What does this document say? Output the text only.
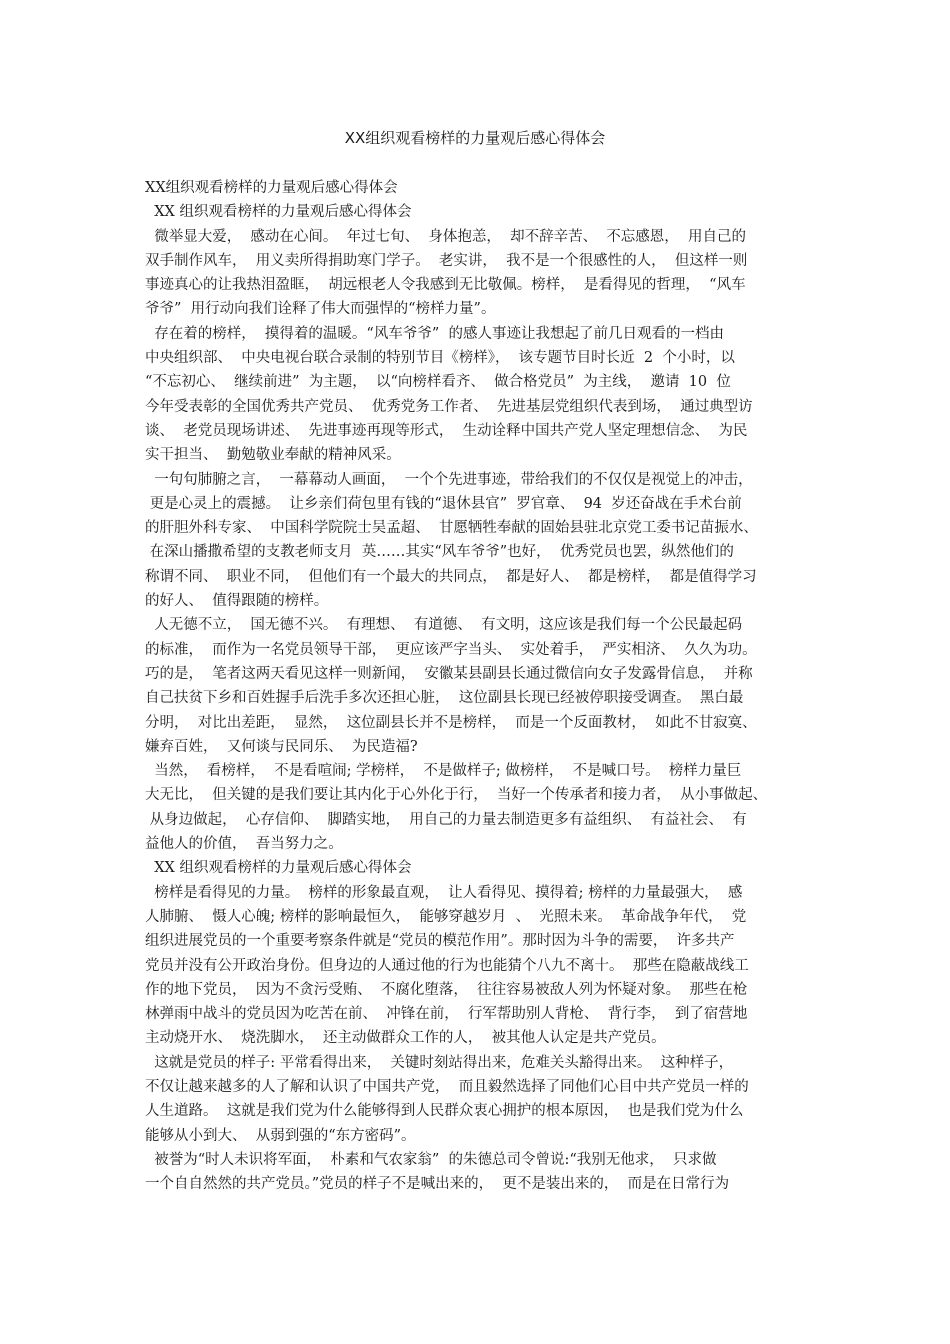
XX组织观看榜样的力量观后感心得体会
XX组织观看榜样的力量观后感心得体会
XX 组织观看榜样的力量观后感心得体会
微举显大爱，  感动在心间。  年过七旬、  身体抱恙，  却不辞辛苦、  不忘感恩，  用自己的
双手制作风车，  用义卖所得捐助寒门学子。  老实讲，  我不是一个很感性的人，  但这样一则
事迹真心的让我热泪盈眶，  胡远根老人令我感到无比敬佩。榜样，  是看得见的哲理，  “风车
爷爷”  用行动向我们诠释了伟大而强悍的“榜样力量”。
存在着的榜样，  摸得着的温暖。“风车爷爷”  的感人事迹让我想起了前几日观看的一档由
中央组织部、  中央电视台联合录制的特别节目《榜样》，  该专题节目时长近  2  个小时，以
“不忘初心、  继续前进”  为主题，  以“向榜样看齐、  做合格党员”  为主线，  邀请  10  位
今年受表彰的全国优秀共产党员、  优秀党务工作者、  先进基层党组织代表到场，  通过典型访
谈、  老党员现场讲述、  先进事迹再现等形式，  生动诠释中国共产党人坚定理想信念、  为民
实干担当、  勤勉敬业奉献的精神风采。
一句句肺腑之言，  一幕幕动人画面，  一个个先进事迹，带给我们的不仅仅是视觉上的冲击，
更是心灵上的震撼。  让乡亲们荷包里有钱的“退休县官”  罗官章、  94  岁还奋战在手术台前
的肝胆外科专家、  中国科学院院士吴孟超、  甘愿牺牲奉献的固始县驻北京党工委书记苗振水、
在深山播撒希望的支教老师支月  英……其实“风车爷爷”也好，  优秀党员也罢，纵然他们的
称谓不同、  职业不同，  但他们有一个最大的共同点，  都是好人、  都是榜样，  都是值得学习
的好人、  值得跟随的榜样。
人无德不立，  国无德不兴。  有理想、  有道德、  有文明，这应该是我们每一个公民最起码
的标准，  而作为一名党员领导干部，  更应该严字当头、  实处着手，  严实相济、  久久为功。
巧的是，  笔者这两天看见这样一则新闻，  安徽某县副县长通过微信向女子发露骨信息，  并称
自己扶贫下乡和百姓握手后洗手多次还担心脏，  这位副县长现已经被停职接受调查。  黑白最
分明，  对比出差距，  显然，  这位副县长并不是榜样，  而是一个反面教材，  如此不甘寂寞、
嫌弃百姓，  又何谈与民同乐、  为民造福?
当然，  看榜样，  不是看喧闹; 学榜样，  不是做样子; 做榜样，  不是喊口号。  榜样力量巨
大无比，  但关键的是我们要让其内化于心外化于行，  当好一个传承者和接力者，  从小事做起、
从身边做起，  心存信仰、  脚踏实地，  用自己的力量去制造更多有益组织、  有益社会、  有
益他人的价值，  吾当努力之。
XX 组织观看榜样的力量观后感心得体会
榜样是看得见的力量。  榜样的形象最直观，  让人看得见、摸得着; 榜样的力量最强大，  感
人肺腑、  慑人心魄; 榜样的影响最恒久，  能够穿越岁月  、  光照未来。  革命战争年代，  党
组织进展党员的一个重要考察条件就是“党员的模范作用”。那时因为斗争的需要，  许多共产
党员并没有公开政治身份。但身边的人通过他的行为也能猜个八九不离十。  那些在隐蔽战线工
作的地下党员，  因为不贪污受贿、  不腐化堕落，  往往容易被敌人列为怀疑对象。  那些在枪
林弹雨中战斗的党员因为吃苦在前、  冲锋在前，  行军帮助别人背枪、  背行李，  到了宿营地
主动烧开水、  烧洗脚水，  还主动做群众工作的人，  被其他人认定是共产党员。
这就是党员的样子: 平常看得出来，  关键时刻站得出来，危难关头豁得出来。  这种样子，
不仅让越来越多的人了解和认识了中国共产党，  而且毅然选择了同他们心目中共产党员一样的
人生道路。  这就是我们党为什么能够得到人民群众衷心拥护的根本原因，  也是我们党为什么
能够从小到大、  从弱到强的“东方密码”。
被誉为“时人未识将军面，  朴素和气农家翁”  的朱德总司令曾说:“我别无他求，  只求做
一个自自然然的共产党员。”党员的样子不是喊出来的，  更不是装出来的，  而是在日常行为
